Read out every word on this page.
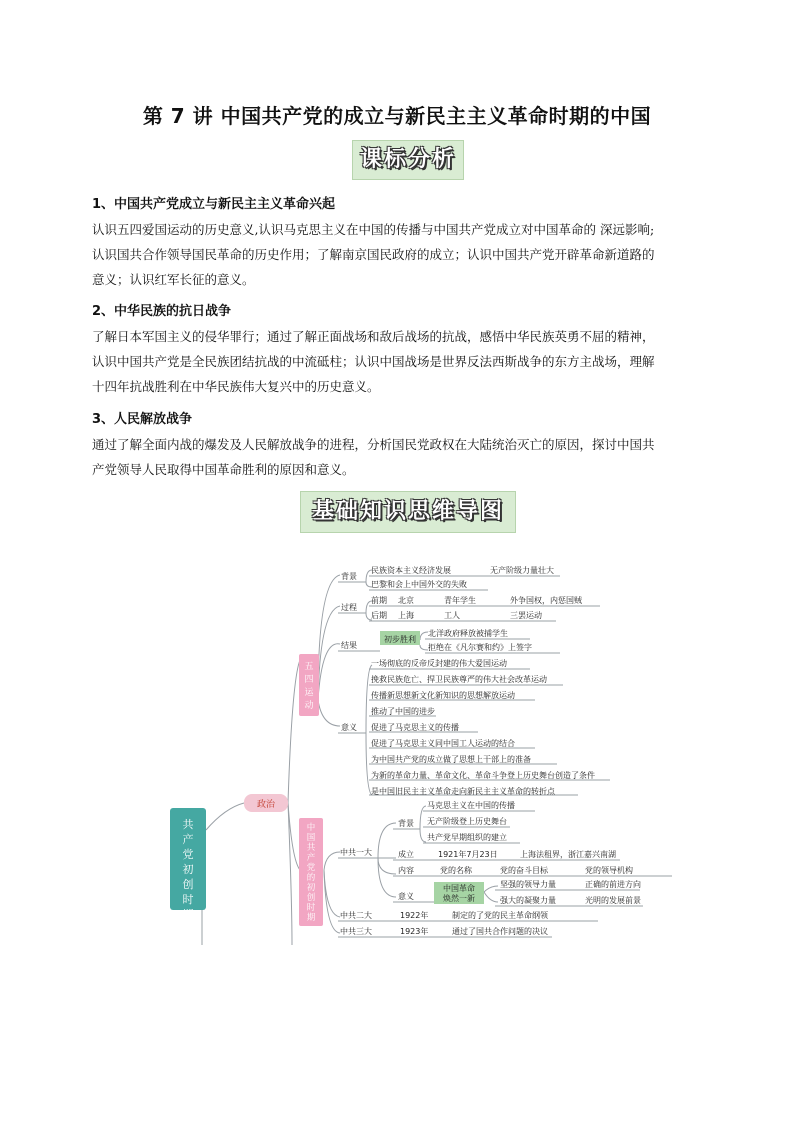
第 7 讲 中国共产党的成立与新民主主义革命时期的中国
课标分析
1、中国共产党成立与新民主主义革命兴起
认识五四爱国运动的历史意义,认识马克思主义在中国的传播与中国共产党成立对中国革命的 深远影响;
认识国共合作领导国民革命的历史作用；了解南京国民政府的成立；认识中国共产党开辟革命新道路的
意义；认识红军长征的意义。
2、中华民族的抗日战争
了解日本军国主义的侵华罪行；通过了解正面战场和敌后战场的抗战，感悟中华民族英勇不屈的精神，
认识中国共产党是全民族团结抗战的中流砥柱；认识中国战场是世界反法西斯战争的东方主战场，理解
十四年抗战胜利在中华民族伟大复兴中的历史意义。
3、人民解放战争
通过了解全面内战的爆发及人民解放战争的进程，分析国民党政权在大陆统治灭亡的原因，探讨中国共
产党领导人民取得中国革命胜利的原因和意义。
基础知识思维导图
共
产
党
初
创
时
期
政治
五
四
运
动
中
国
共
产
党
的
初
创
时
期
背景
过程
结果
意义
民族资本主义经济发展	无产阶级力量壮大
巴黎和会上中国外交的失败
前期 北京	青年学生	外争国权，内惩国贼
后期 上海	工人	三罢运动
初步胜利
北洋政府释放被捕学生
拒绝在《凡尔赛和约》上签字
一场彻底的反帝反封建的伟大爱国运动
挽救民族危亡、捍卫民族尊严的伟大社会改革运动
传播新思想新文化新知识的思想解放运动
推动了中国的进步
促进了马克思主义的传播
促进了马克思主义同中国工人运动的结合
为中国共产党的成立做了思想上干部上的准备
为新的革命力量、革命文化、革命斗争登上历史舞台创造了条件
是中国旧民主主义革命走向新民主主义革命的转折点
中共一大
背景
马克思主义在中国的传播
无产阶级登上历史舞台
共产党早期组织的建立
成立	1921年7月23日	上海法租界，浙江嘉兴南湖
内容	党的名称	党的奋斗目标	党的领导机构
意义
中国革命
焕然一新
坚强的领导力量	正确的前进方向
强大的凝聚力量	光明的发展前景
中共二大	1922年	制定的了党的民主革命纲领
中共三大	1923年	通过了国共合作问题的决议
